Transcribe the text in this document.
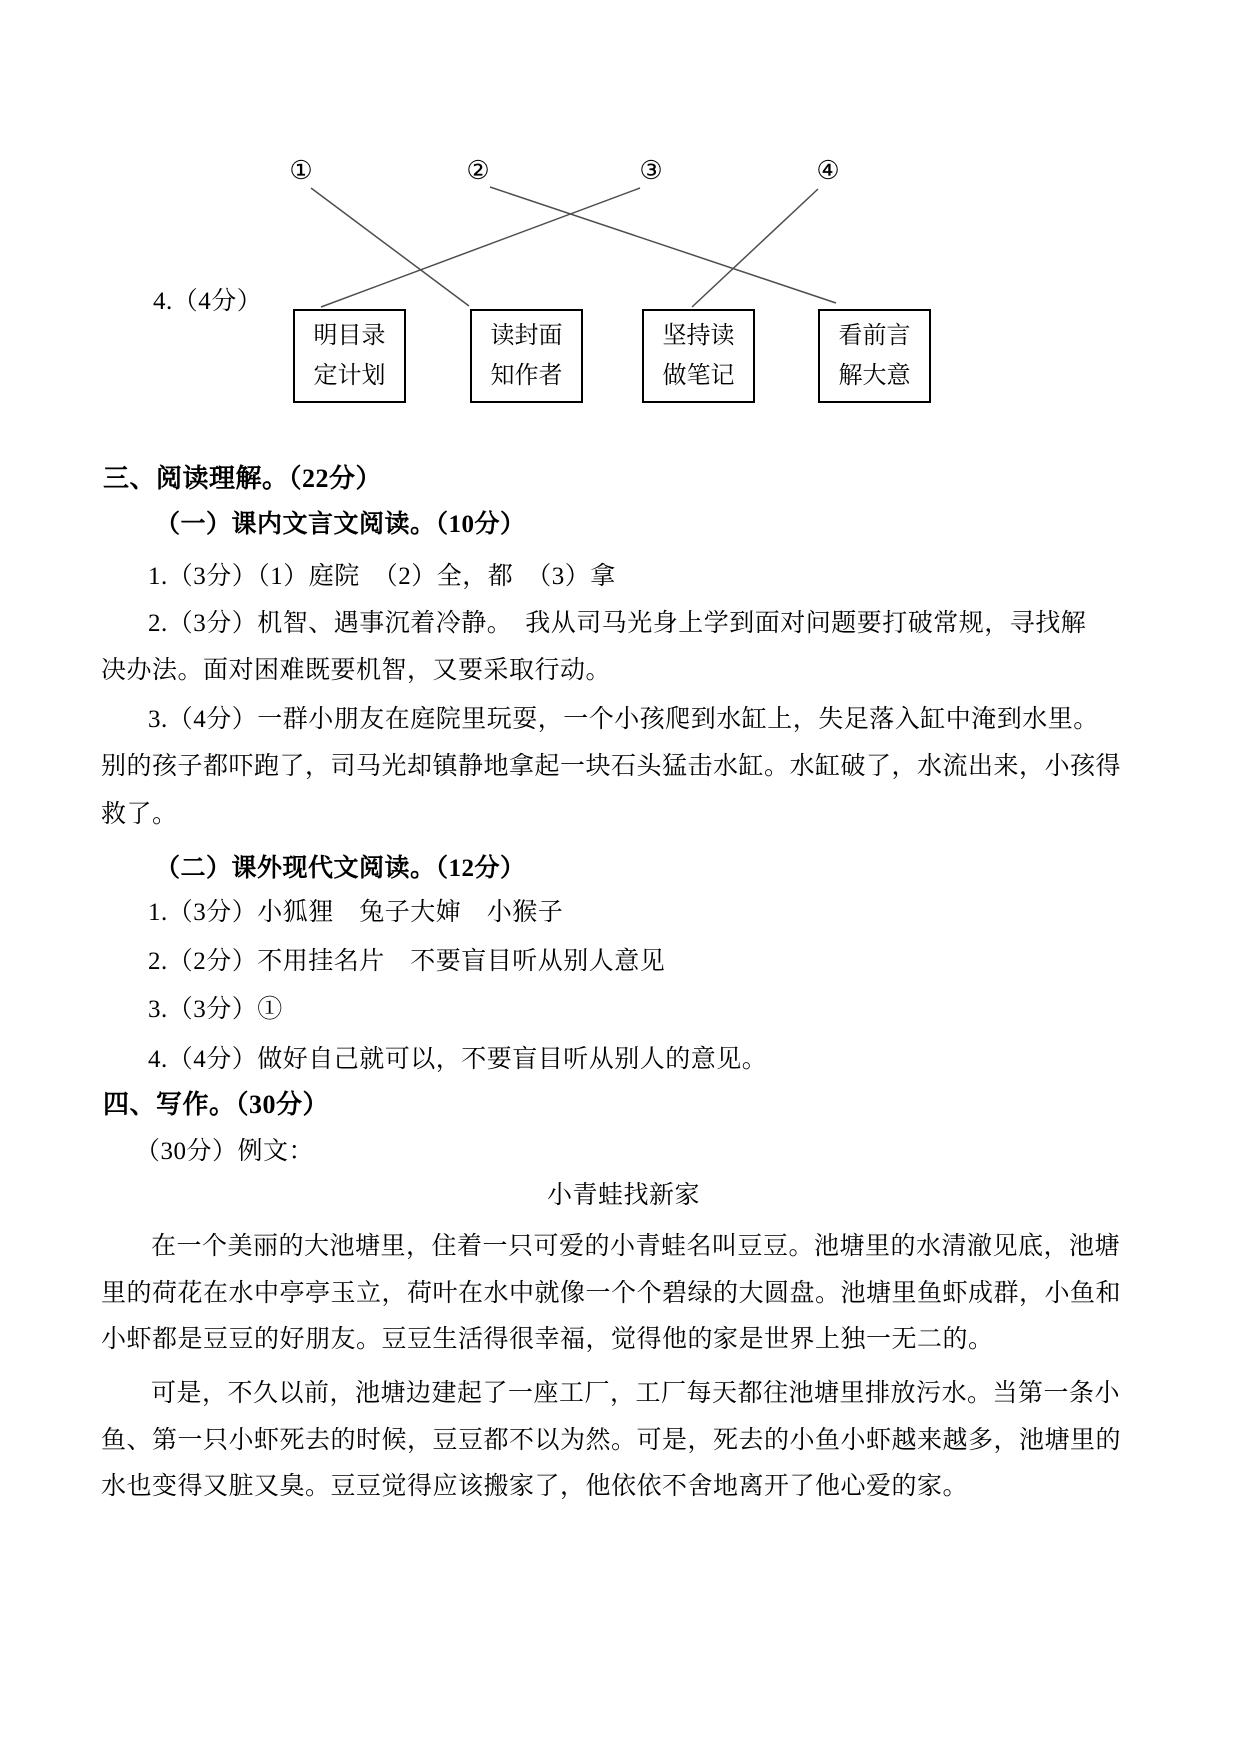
①	②	③	④
4.（4分）
明目录
定计划
读封面
知作者
坚持读
做笔记
看前言
解大意
三、阅读理解。（22分）
（一）课内文言文阅读。（10分）
1.（3分）（1）庭院　（2）全，都　（3）拿
2.（3分）机智、遇事沉着冷静。　我从司马光身上学到面对问题要打破常规，寻找解
决办法。面对困难既要机智，又要采取行动。
3.（4分）一群小朋友在庭院里玩耍，一个小孩爬到水缸上，失足落入缸中淹到水里。
别的孩子都吓跑了，司马光却镇静地拿起一块石头猛击水缸。水缸破了，水流出来，小孩得
救了。
（二）课外现代文阅读。（12分）
1.（3分）小狐狸　兔子大婶　小猴子
2.（2分）不用挂名片　不要盲目听从别人意见
3.（3分）①
4.（4分）做好自己就可以，不要盲目听从别人的意见。
四、写作。（30分）
（30分）例文：
小青蛙找新家
在一个美丽的大池塘里，住着一只可爱的小青蛙名叫豆豆。池塘里的水清澈见底，池塘
里的荷花在水中亭亭玉立，荷叶在水中就像一个个碧绿的大圆盘。池塘里鱼虾成群，小鱼和
小虾都是豆豆的好朋友。豆豆生活得很幸福，觉得他的家是世界上独一无二的。
可是，不久以前，池塘边建起了一座工厂，工厂每天都往池塘里排放污水。当第一条小
鱼、第一只小虾死去的时候，豆豆都不以为然。可是，死去的小鱼小虾越来越多，池塘里的
水也变得又脏又臭。豆豆觉得应该搬家了，他依依不舍地离开了他心爱的家。
